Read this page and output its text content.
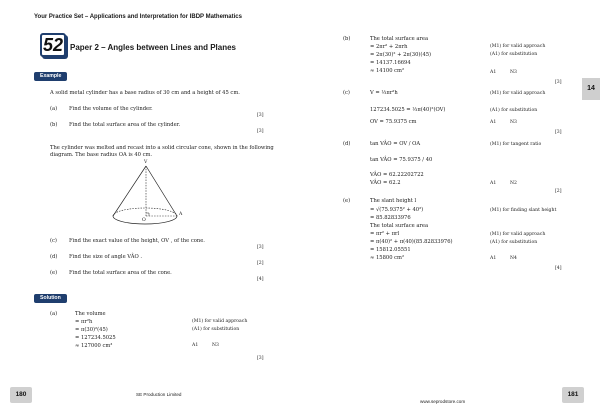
Your Practice Set – Applications and Interpretation for IBDP Mathematics
52 Paper 2 – Angles between Lines and Planes
Example
A solid metal cylinder has a base radius of 30 cm and a height of 45 cm.
(a) Find the volume of the cylinder.
[3]
(b) Find the total surface area of the cylinder.
[3]
The cylinder was melted and recast into a solid circular cone, shown in the following
diagram. The base radius OA is 40 cm.
V
O
A
(c) Find the exact value of the height, OV , of the cone.
[3]
(d) Find the size of angle VÂO .
[2]
(e) Find the total surface area of the cone.
[4]
Solution
(a)	The volume
= πr²h
= π(30)²(45)
= 127234.5025
≈ 127000 cm³
(M1) for valid approach
(A1) for substitution
A1	N3
[3]
180	SE Production Limited
(b)	The total surface area
= 2πr² + 2πrh
= 2π(30)² + 2π(30)(45)
= 14137.16694
≈ 14100 cm²
(M1) for valid approach
(A1) for substitution
A1	N3
[3]
14
(c)	V = ⅓πr²h
127234.5025 = ⅓π(40)²(OV)
OV = 75.9375 cm
(M1) for valid approach
(A1) for substitution
A1	N3
[3]
(d)	tan VÂO = OV / OA
tan VÂO = 75.9375 / 40
VÂO = 62.22202722
VÂO = 62.2
(M1) for tangent ratio
A1	N2
[2]
(e)	The slant height l
= √(75.9375² + 40²)
= 85.82833976
The total surface area
= πr² + πrl
= π(40)² + π(40)(85.82833976)
= 15812.05551
≈ 15800 cm²
(M1) for finding slant height
(M1) for valid approach
(A1) for substitution
A1	N4
[4]
www.seprodstore.com
181
